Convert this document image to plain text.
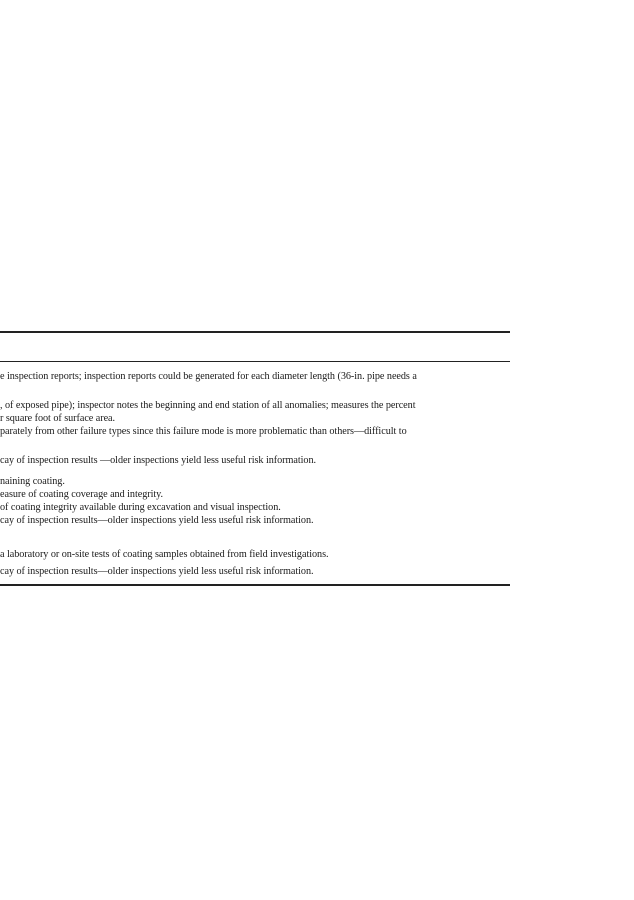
e inspection reports; inspection reports could be generated for each diameter length (36-in. pipe needs a
, of exposed pipe); inspector notes the beginning and end station of all anomalies; measures the percent
r square foot of surface area.
parately from other failure types since this failure mode is more problematic than others—difficult to
cay of inspection results —older inspections yield less useful risk information.
naining coating.
easure of coating coverage and integrity.
of coating integrity available during excavation and visual inspection.
cay of inspection results—older inspections yield less useful risk information.
a laboratory or on-site tests of coating samples obtained from field investigations.
cay of inspection results—older inspections yield less useful risk information.
